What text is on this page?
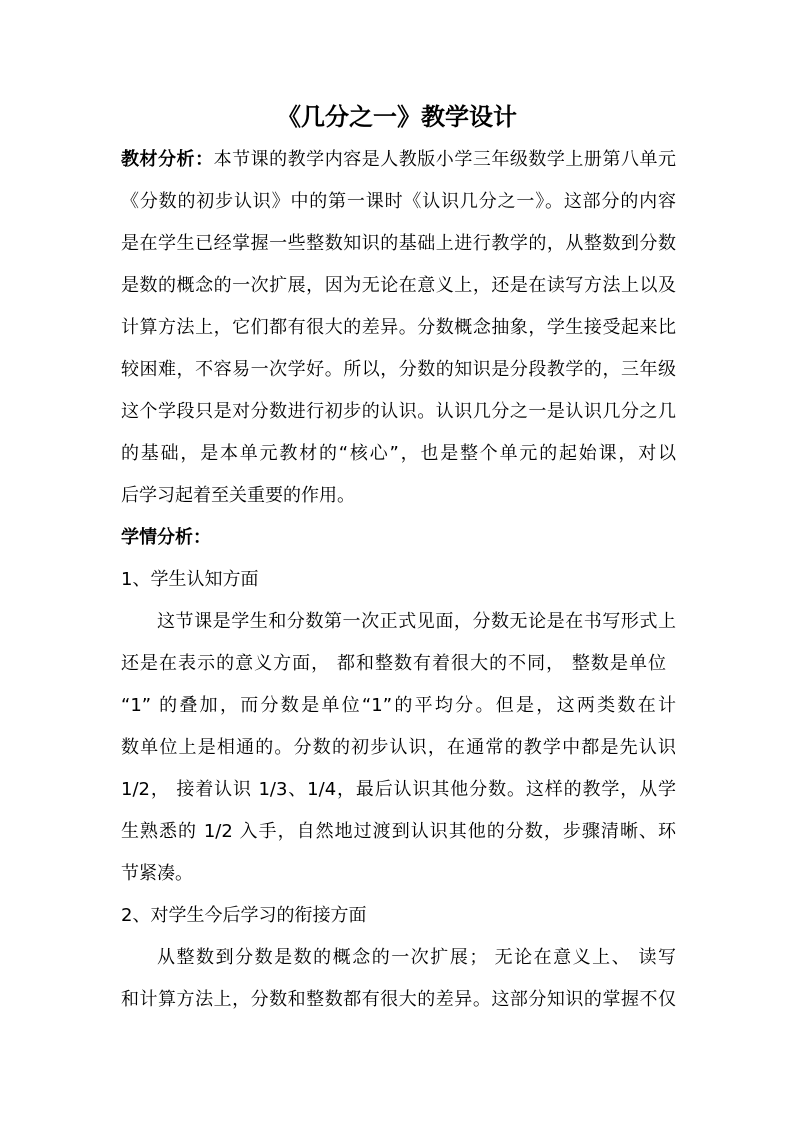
《几分之一》教学设计
教材分析：本节课的教学内容是人教版小学三年级数学上册第八单元
《分数的初步认识》中的第一课时《认识几分之一》。这部分的内容
是在学生已经掌握一些整数知识的基础上进行教学的，从整数到分数
是数的概念的一次扩展，因为无论在意义上，还是在读写方法上以及
计算方法上，它们都有很大的差异。分数概念抽象，学生接受起来比
较困难，不容易一次学好。所以，分数的知识是分段教学的，三年级
这个学段只是对分数进行初步的认识。认识几分之一是认识几分之几
的基础，是本单元教材的“核心”，也是整个单元的起始课，对以
后学习起着至关重要的作用。
学情分析：
1、学生认知方面
这节课是学生和分数第一次正式见面，分数无论是在书写形式上
还是在表示的意义方面， 都和整数有着很大的不同， 整数是单位
“1” 的叠加，而分数是单位“1”的平均分。但是，这两类数在计
数单位上是相通的。分数的初步认识，在通常的教学中都是先认识
1/2， 接着认识 1/3、1/4，最后认识其他分数。这样的教学，从学
生熟悉的 1/2 入手，自然地过渡到认识其他的分数，步骤清晰、环
节紧凑。
2、对学生今后学习的衔接方面
从整数到分数是数的概念的一次扩展； 无论在意义上、 读写
和计算方法上，分数和整数都有很大的差异。这部分知识的掌握不仅
